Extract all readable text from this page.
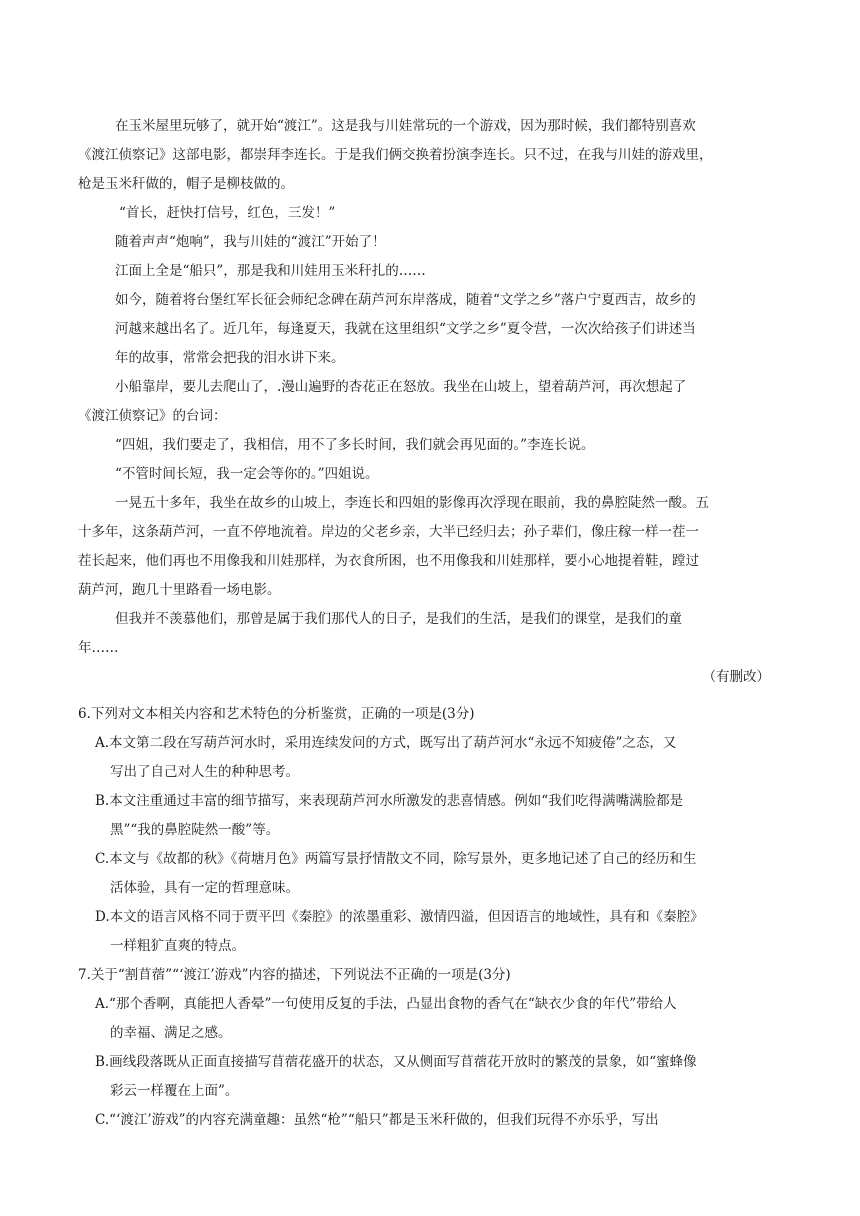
在玉米屋里玩够了，就开始“渡江”。这是我与川娃常玩的一个游戏，因为那时候，我们都特别喜欢

《渡江侦察记》这部电影，都崇拜李连长。于是我们俩交换着扮演李连长。只不过，在我与川娃的游戏里，

枪是玉米秆做的，帽子是柳枝做的。

“首长，赶快打信号，红色，三发！”

随着声声“炮响”，我与川娃的“渡江”开始了！

江面上全是“船只”，那是我和川娃用玉米秆扎的……

如今，随着将台堡红军长征会师纪念碑在葫芦河东岸落成，随着“文学之乡”落户宁夏西吉，故乡的

河越来越出名了。近几年，每逢夏天，我就在这里组织“文学之乡”夏令营，一次次给孩子们讲述当

年的故事，常常会把我的泪水讲下来。

小船靠岸，要儿去爬山了，.漫山遍野的杏花正在怒放。我坐在山坡上，望着葫芦河，再次想起了

《渡江侦察记》的台词：

“四姐，我们要走了，我相信，用不了多长时间，我们就会再见面的。”李连长说。

“不管时间长短，我一定会等你的。”四姐说。

一晃五十多年，我坐在故乡的山坡上，李连长和四姐的影像再次浮现在眼前，我的鼻腔陡然一酸。五

十多年，这条葫芦河，一直不停地流着。岸边的父老乡亲，大半已经归去；孙子辈们，像庄稼一样一茬一

茬长起来，他们再也不用像我和川娃那样，为衣食所困，也不用像我和川娃那样，要小心地提着鞋，蹚过

葫芦河，跑几十里路看一场电影。

但我并不羡慕他们，那曾是属于我们那代人的日子，是我们的生活，是我们的课堂，是我们的童

年……

（有删改）

6.下列对文本相关内容和艺术特色的分析鉴赏，正确的一项是(3分)

A.本文第二段在写葫芦河水时，采用连续发问的方式，既写出了葫芦河水“永远不知疲倦”之态，又

写出了自己对人生的种种思考。

B.本文注重通过丰富的细节描写，来表现葫芦河水所激发的悲喜情感。例如“我们吃得满嘴满脸都是

黑”“我的鼻腔陡然一酸”等。

C.本文与《故都的秋》《荷塘月色》两篇写景抒情散文不同，除写景外，更多地记述了自己的经历和生

活体验，具有一定的哲理意味。

D.本文的语言风格不同于贾平凹《秦腔》的浓墨重彩、激情四溢，但因语言的地域性，具有和《秦腔》

一样粗犷直爽的特点。

7.关于“割苜蓿”“‘渡江’游戏”内容的描述，下列说法不正确的一项是(3分)

A.“那个香啊，真能把人香晕”一句使用反复的手法，凸显出食物的香气在“缺衣少食的年代”带给人

的幸福、满足之感。

B.画线段落既从正面直接描写苜蓿花盛开的状态，又从侧面写苜蓿花开放时的繁茂的景象，如“蜜蜂像

彩云一样覆在上面”。

C.“‘渡江’游戏”的内容充满童趣：虽然“枪”“船只”都是玉米秆做的，但我们玩得不亦乐乎，写出
